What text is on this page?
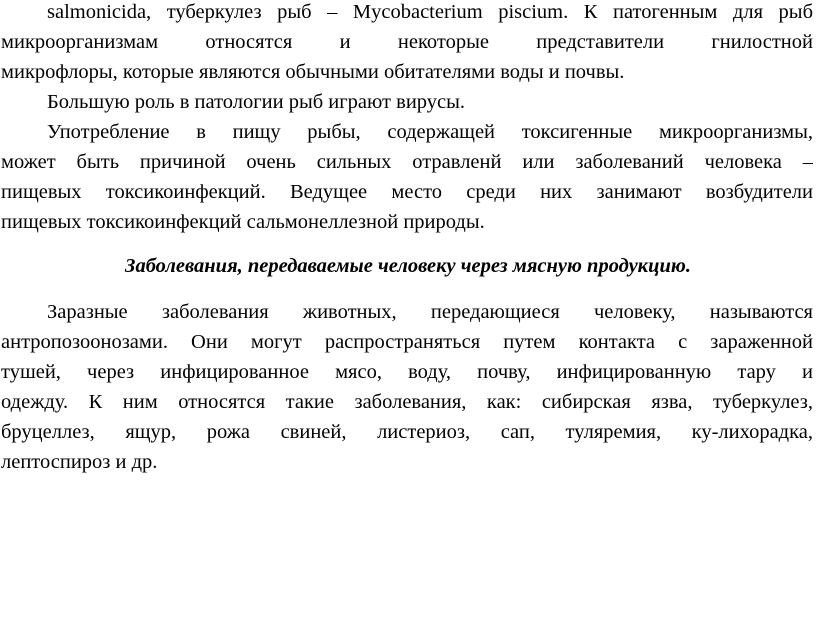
salmonicida, туберкулез рыб – Mycobacterium piscium. К патогенным для рыб
микроорганизмам относятся и некоторые представители гнилостной
микрофлоры, которые являются обычными обитателями воды и почвы.
Большую роль в патологии рыб играют вирусы.
Употребление в пищу рыбы, содержащей токсигенные микроорганизмы,
может быть причиной очень сильных отравленй или заболеваний человека –
пищевых токсикоинфекций. Ведущее место среди них занимают возбудители
пищевых токсикоинфекций сальмонеллезной природы.
Заболевания, передаваемые человеку через мясную продукцию.
Заразные заболевания животных, передающиеся человеку, называются
антропозоонозами. Они могут распространяться путем контакта с зараженной
тушей, через инфицированное мясо, воду, почву, инфицированную тару и
одежду. К ним относятся такие заболевания, как: сибирская язва, туберкулез,
бруцеллез, ящур, рожа свиней, листериоз, сап, туляремия, ку-лихорадка,
лептоспироз и др.
